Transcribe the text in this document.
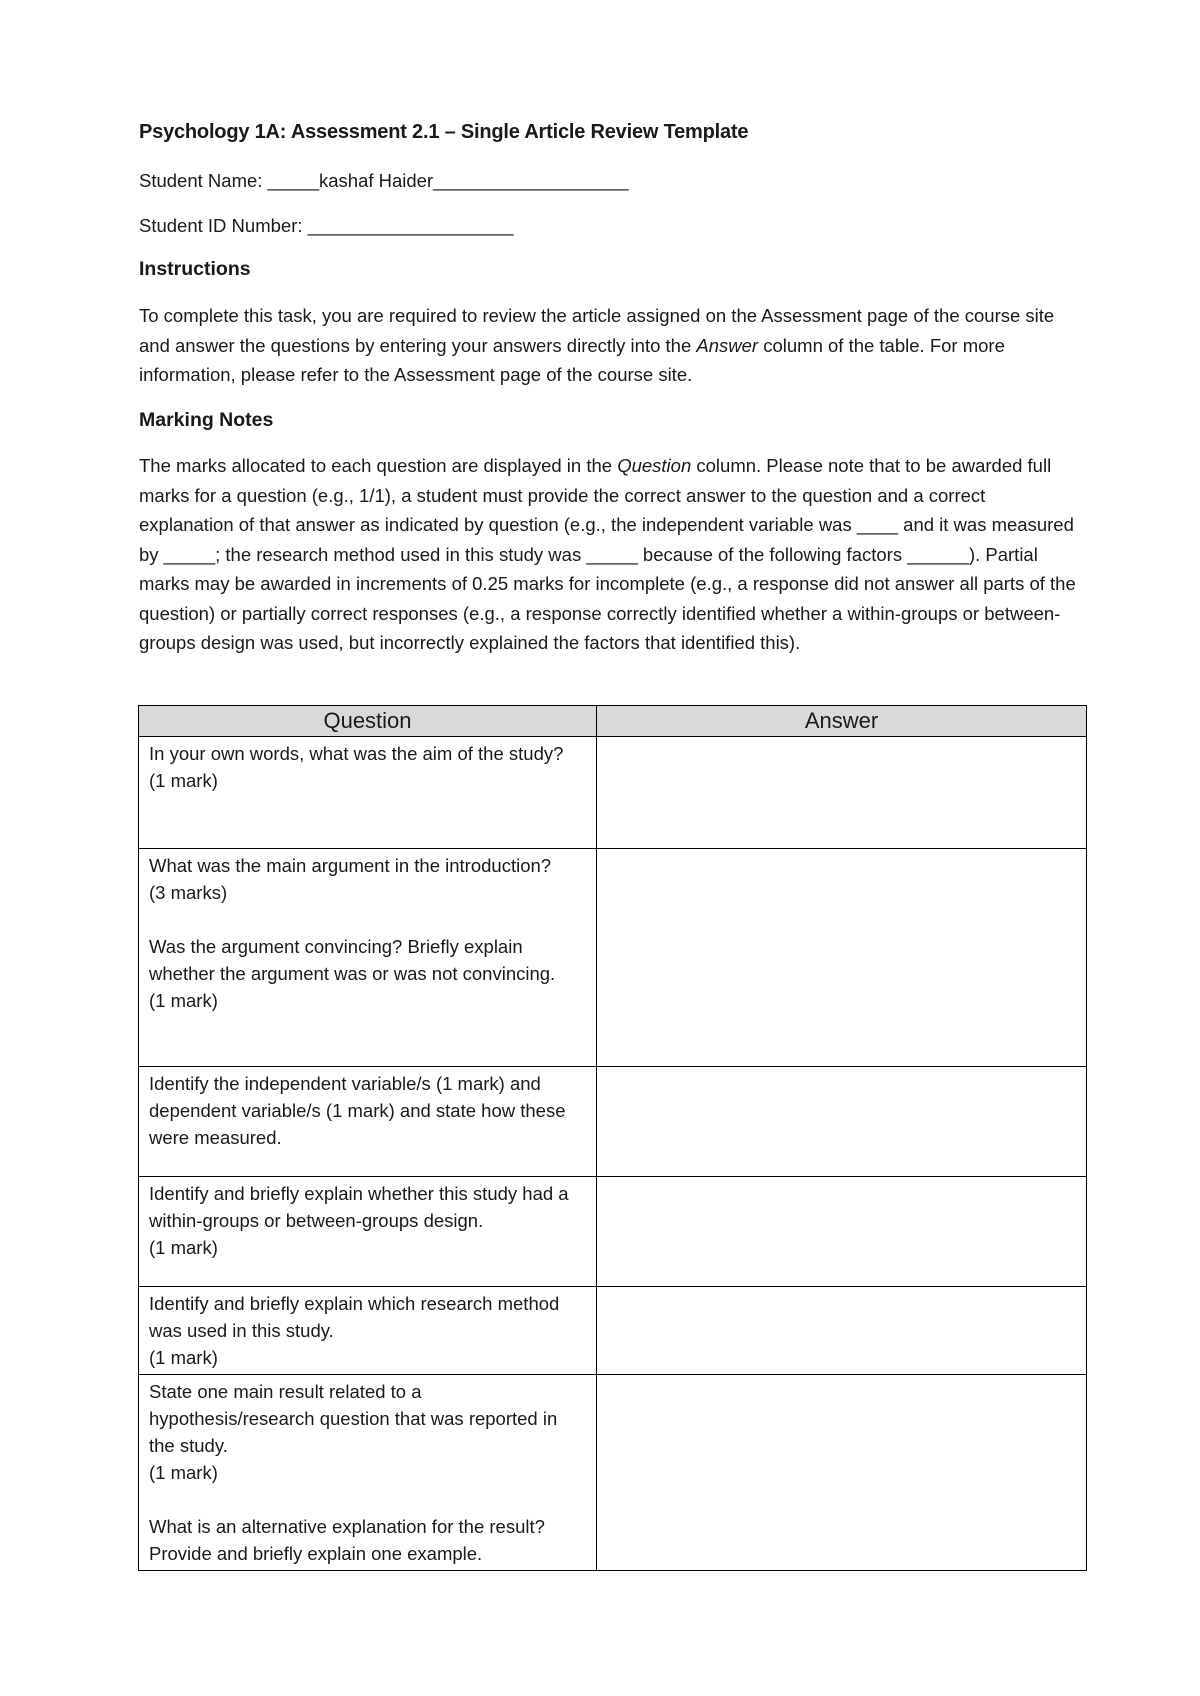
Psychology 1A: Assessment 2.1 – Single Article Review Template
Student Name: _____kashaf Haider___________________
Student ID Number: ____________________
Instructions

To complete this task, you are required to review the article assigned on the Assessment page of the course site and answer the questions by entering your answers directly into the Answer column of the table. For more information, please refer to the Assessment page of the course site.

Marking Notes

The marks allocated to each question are displayed in the Question column. Please note that to be awarded full marks for a question (e.g., 1/1), a student must provide the correct answer to the question and a correct explanation of that answer as indicated by question (e.g., the independent variable was ____ and it was measured by _____; the research method used in this study was _____ because of the following factors ______). Partial marks may be awarded in increments of 0.25 marks for incomplete (e.g., a response did not answer all parts of the question) or partially correct responses (e.g., a response correctly identified whether a within-groups or between-groups design was used, but incorrectly explained the factors that identified this).

Question	Answer

In your own words, what was the aim of the study?
(1 mark)	

What was the main argument in the introduction?
(3 marks)
Was the argument convincing? Briefly explain whether the argument was or was not convincing.
(1 mark)	

Identify the independent variable/s (1 mark) and dependent variable/s (1 mark) and state how these were measured.	

Identify and briefly explain whether this study had a within-groups or between-groups design.
(1 mark)	

Identify and briefly explain which research method was used in this study.
(1 mark)	

State one main result related to a hypothesis/research question that was reported in the study.
(1 mark)
What is an alternative explanation for the result? Provide and briefly explain one example.	
